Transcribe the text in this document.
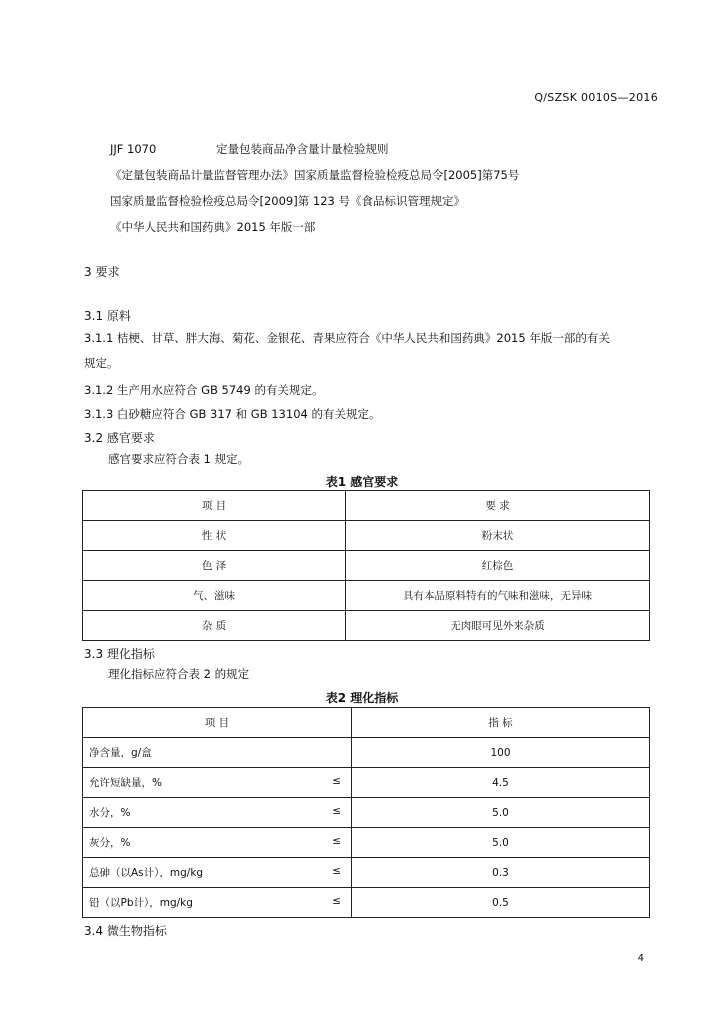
Q/SZSK 0010S—2016
JJF 1070	定量包装商品净含量计量检验规则
《定量包装商品计量监督管理办法》国家质量监督检验检疫总局令[2005]第75号
国家质量监督检验检疫总局令[2009]第 123 号《食品标识管理规定》
《中华人民共和国药典》2015 年版一部
3 要求
3.1 原料
3.1.1 桔梗、甘草、胖大海、菊花、金银花、青果应符合《中华人民共和国药典》2015 年版一部的有关
规定。
3.1.2 生产用水应符合 GB 5749 的有关规定。
3.1.3 白砂糖应符合 GB 317 和 GB 13104 的有关规定。
3.2 感官要求
感官要求应符合表 1 规定。
表1 感官要求
项 目	要 求
性 状	粉末状
色 泽	红棕色
气、滋味	具有本品原料特有的气味和滋味，无异味
杂 质	无肉眼可见外来杂质
3.3 理化指标
理化指标应符合表 2 的规定
表2 理化指标
项 目	指 标
净含量，g/盒	100
允许短缺量，% ≤	4.5
水分，% ≤	5.0
灰分，% ≤	5.0
总砷（以As计），mg/kg ≤	0.3
铅（以Pb计），mg/kg ≤	0.5
3.4 微生物指标
4
